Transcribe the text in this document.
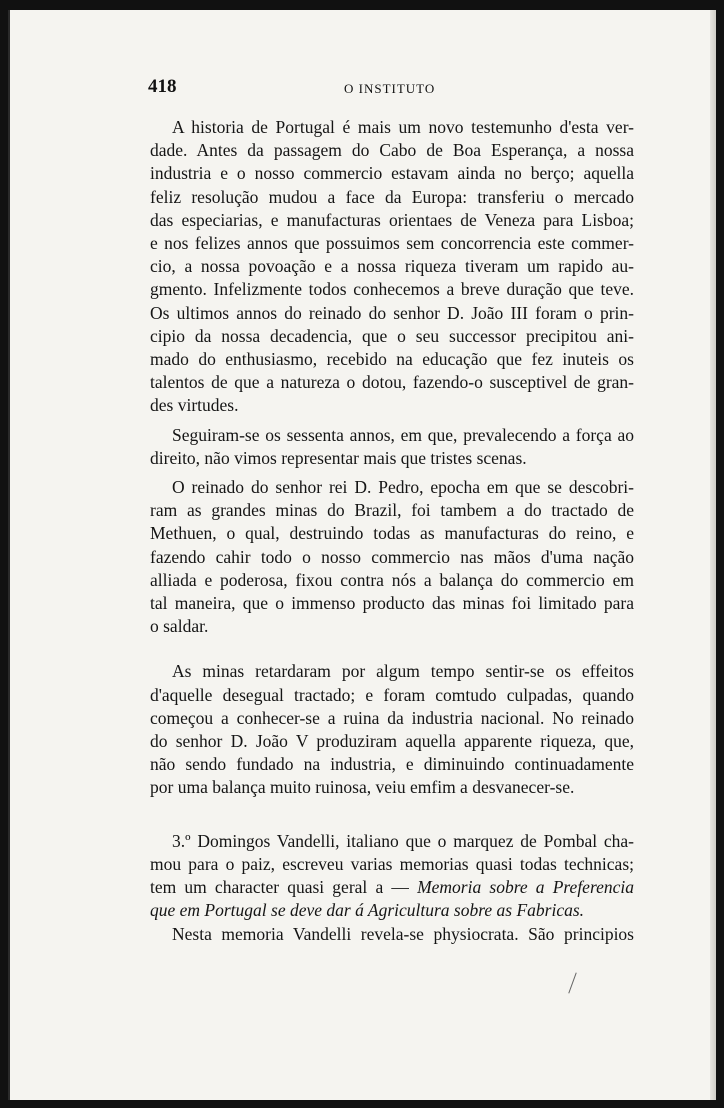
418	O INSTITUTO

A historia de Portugal é mais um novo testemunho d'esta ver-
dade. Antes da passagem do Cabo de Boa Esperança, a nossa
industria e o nosso commercio estavam ainda no berço; aquella
feliz resolução mudou a face da Europa: transferiu o mercado
das especiarias, e manufacturas orientaes de Veneza para Lisboa;
e nos felizes annos que possuimos sem concorrencia este commer-
cio, a nossa povoação e a nossa riqueza tiveram um rapido au-
gmento. Infelizmente todos conhecemos a breve duração que teve.
Os ultimos annos do reinado do senhor D. João III foram o prin-
cipio da nossa decadencia, que o seu successor precipitou ani-
mado do enthusiasmo, recebido na educação que fez inuteis os
talentos de que a natureza o dotou, fazendo-o susceptivel de gran-
des virtudes.

Seguiram-se os sessenta annos, em que, prevalecendo a força ao
direito, não vimos representar mais que tristes scenas.

O reinado do senhor rei D. Pedro, epocha em que se descobri-
ram as grandes minas do Brazil, foi tambem a do tractado de
Methuen, o qual, destruindo todas as manufacturas do reino, e
fazendo cahir todo o nosso commercio nas mãos d'uma nação
alliada e poderosa, fixou contra nós a balança do commercio em
tal maneira, que o immenso producto das minas foi limitado para
o saldar.

As minas retardaram por algum tempo sentir-se os effeitos
d'aquelle desegual tractado; e foram comtudo culpadas, quando
começou a conhecer-se a ruina da industria nacional. No reinado
do senhor D. João V produziram aquella apparente riqueza, que,
não sendo fundado na industria, e diminuindo continuadamente
por uma balança muito ruinosa, veiu emfim a desvanecer-se.

3.º Domingos Vandelli, italiano que o marquez de Pombal cha-
mou para o paiz, escreveu varias memorias quasi todas technicas;
tem um character quasi geral a — Memoria sobre a Preferencia
que em Portugal se deve dar á Agricultura sobre as Fabricas.
Nesta memoria Vandelli revela-se physiocrata. São principios
